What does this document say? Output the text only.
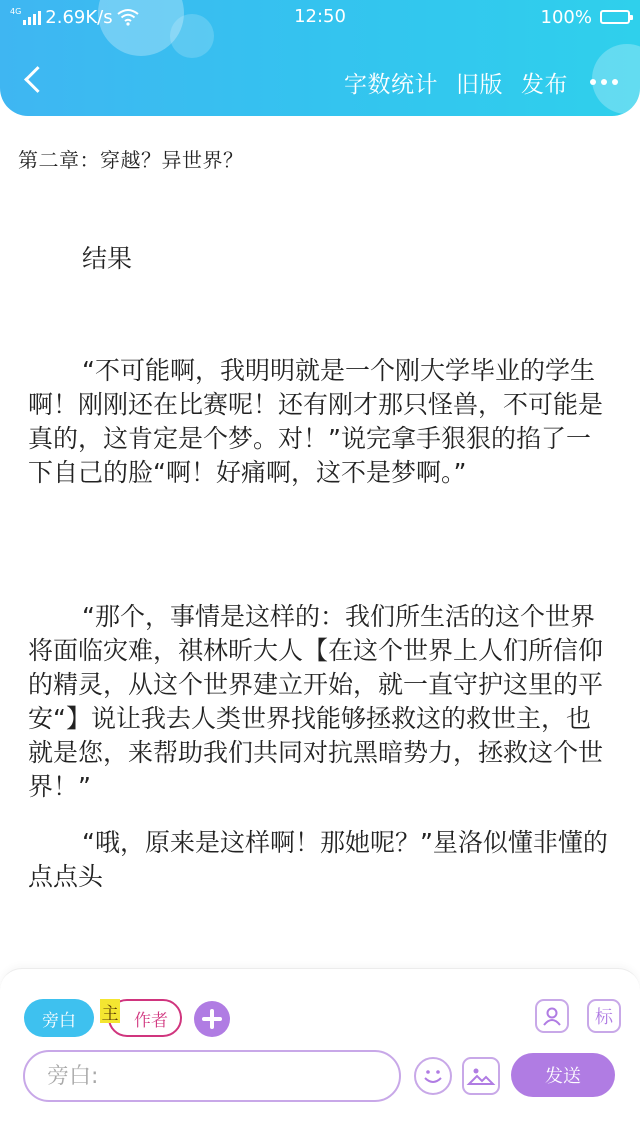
4G 2.69K/s	12:50	100%
字数统计 旧版 发布
第二章：穿越？异世界？
结果
“不可能啊，我明明就是一个刚大学毕业的学生啊！刚刚还在比赛呢！还有刚才那只怪兽，不可能是真的，这肯定是个梦。对！”说完拿手狠狠的掐了一下自己的脸“啊！好痛啊，这不是梦啊。”
“那个，事情是这样的：我们所生活的这个世界将面临灾难，祺林昕大人【在这个世界上人们所信仰的精灵，从这个世界建立开始，就一直守护这里的平安“】说让我去人类世界找能够拯救这的救世主，也就是您，来帮助我们共同对抗黑暗势力，拯救这个世界！”
“哦，原来是这样啊！那她呢？”星洛似懂非懂的点点头
旁白	主 作者	标
旁白:
发送
